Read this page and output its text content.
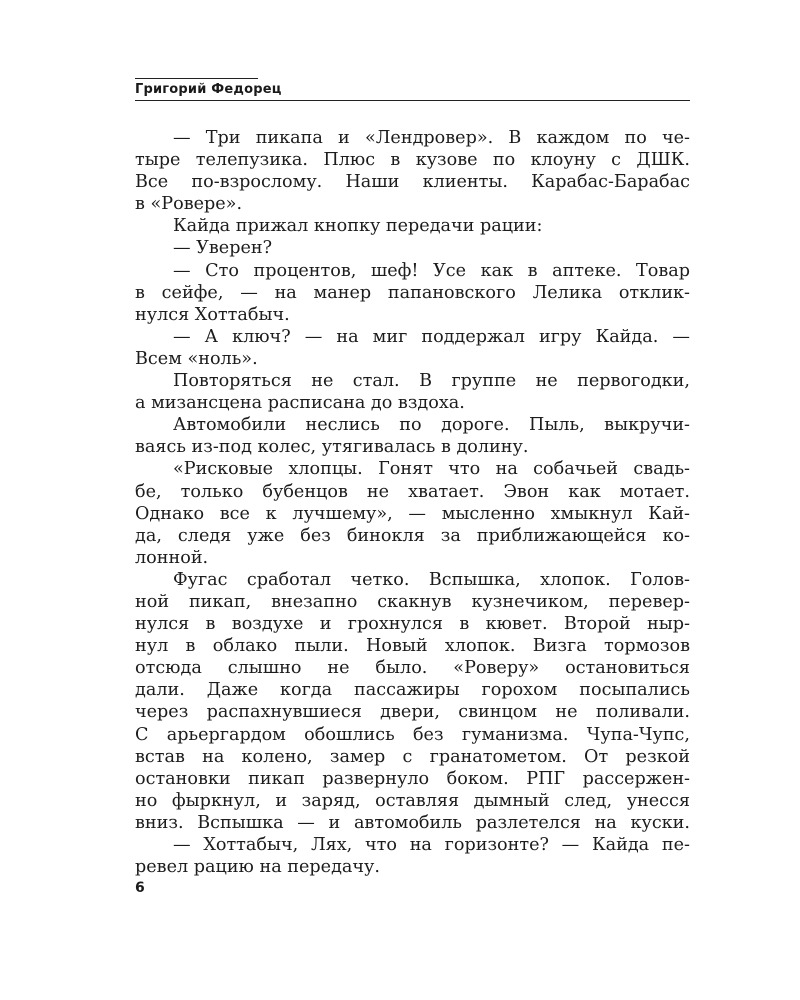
Григорий Федорец
— Три пикапа и «Лендровер». В каждом по че-
тыре телепузика. Плюс в кузове по клоуну с ДШК.
Все по-взрослому. Наши клиенты. Карабас-Барабас
в «Ровере».
Кайда прижал кнопку передачи рации:
— Уверен?
— Сто процентов, шеф! Усе как в аптеке. Товар
в сейфе, — на манер папановского Лелика отклик-
нулся Хоттабыч.
— А ключ? — на миг поддержал игру Кайда. —
Всем «ноль».
Повторяться не стал. В группе не первогодки,
а мизансцена расписана до вздоха.
Автомобили неслись по дороге. Пыль, выкручи-
ваясь из-под колес, утягивалась в долину.
«Рисковые хлопцы. Гонят что на собачьей свадь-
бе, только бубенцов не хватает. Эвон как мотает.
Однако все к лучшему», — мысленно хмыкнул Кай-
да, следя уже без бинокля за приближающейся ко-
лонной.
Фугас сработал четко. Вспышка, хлопок. Голов-
ной пикап, внезапно скакнув кузнечиком, перевер-
нулся в воздухе и грохнулся в кювет. Второй ныр-
нул в облако пыли. Новый хлопок. Визга тормозов
отсюда слышно не было. «Роверу» остановиться
дали. Даже когда пассажиры горохом посыпались
через распахнувшиеся двери, свинцом не поливали.
С арьергардом обошлись без гуманизма. Чупа-Чупс,
встав на колено, замер с гранатометом. От резкой
остановки пикап развернуло боком. РПГ рассержен-
но фыркнул, и заряд, оставляя дымный след, унесся
вниз. Вспышка — и автомобиль разлетелся на куски.
— Хоттабыч, Лях, что на горизонте? — Кайда пе-
ревел рацию на передачу.
6
